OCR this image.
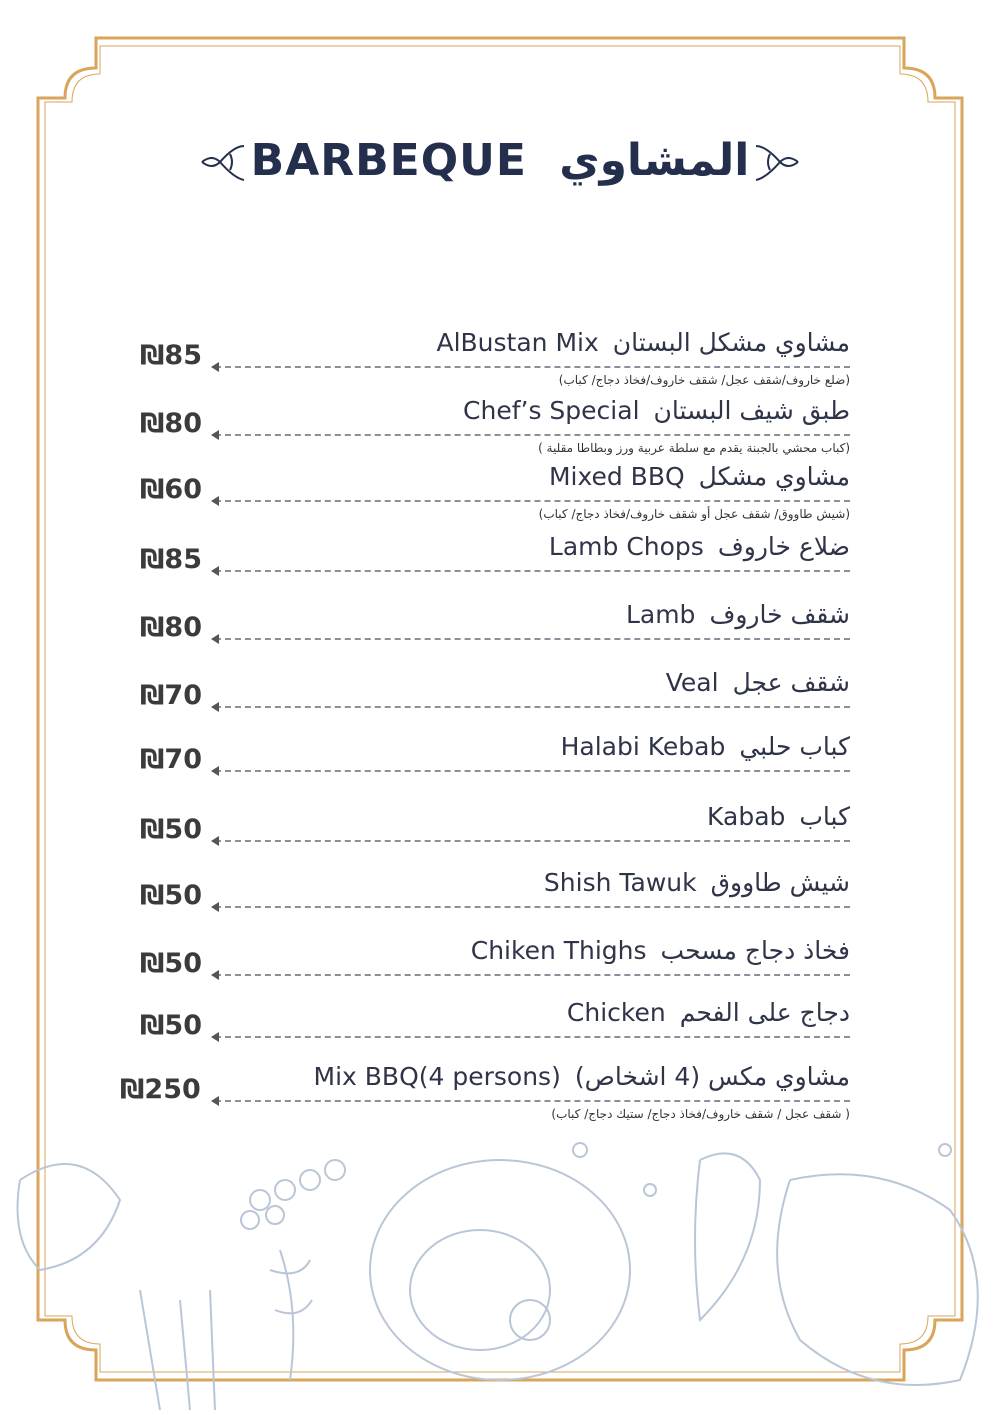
BARBEQUE المشاوي
AlBustan Mix مشاوي مشكل البستان
₪85
(ضلع خاروف/شقف عجل/ شقف خاروف/فخاذ دجاج/ كباب)
Chef’s Special طبق شيف البستان
₪80
(كباب محشي بالجبنة يقدم مع سلطة عربية ورز وبطاطا مقلية )
Mixed BBQ مشاوي مشكل
₪60
(شيش طاووق/ شقف عجل أو شقف خاروف/فخاذ دجاج/ كباب)
Lamb Chops ضلاع خاروف
₪85
Lamb شقف خاروف
₪80
Veal شقف عجل
₪70
Halabi Kebab كباب حلبي
₪70
Kabab كباب
₪50
Shish Tawuk شيش طاووق
₪50
Chiken Thighs فخاذ دجاج مسحب
₪50
Chicken دجاج على الفحم
₪50
Mix BBQ(4 persons) مشاوي مكس (4 اشخاص)
₪250
( شقف عجل / شقف خاروف/فخاذ دجاج/ ستيك دجاج/ كباب)
